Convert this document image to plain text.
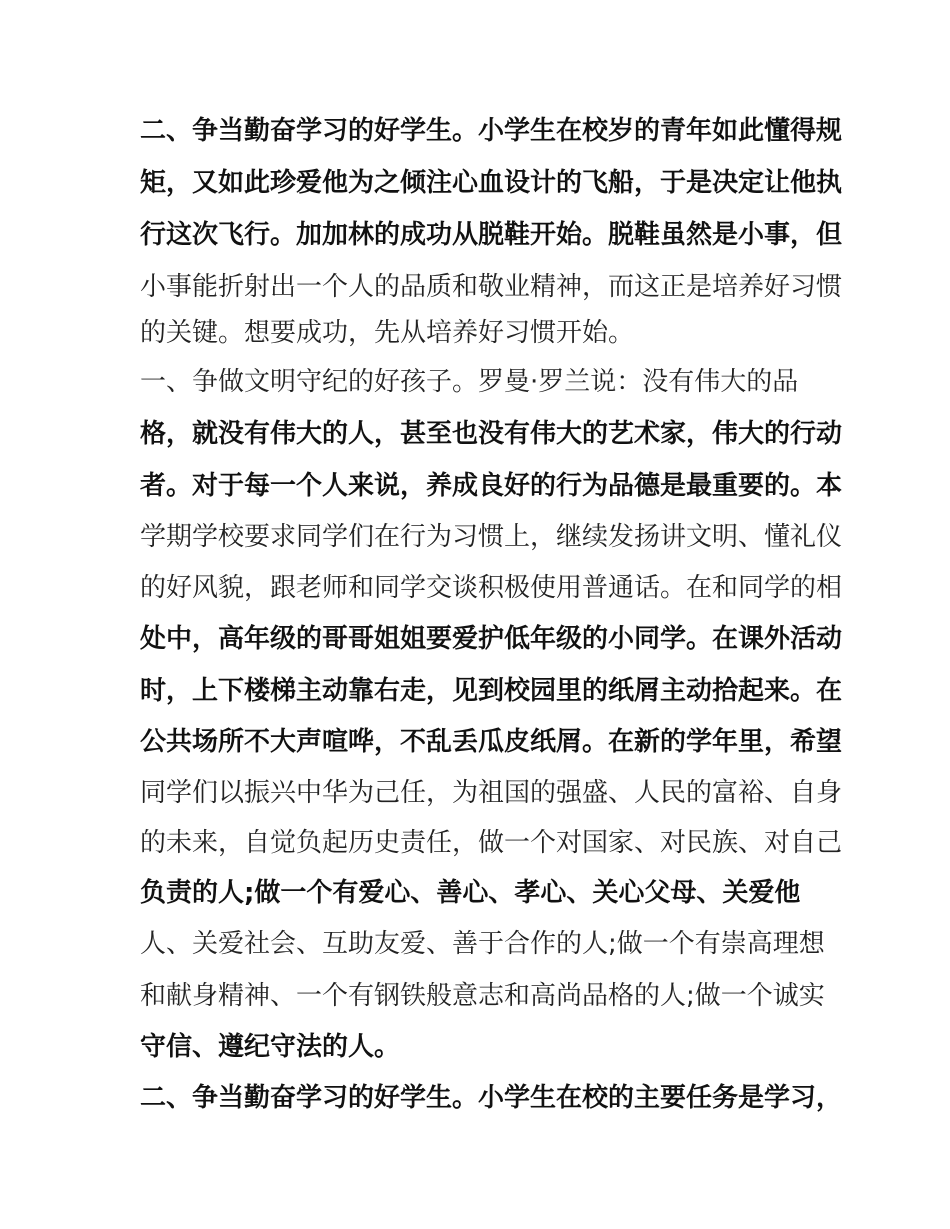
二、争当勤奋学习的好学生。小学生在校岁的青年如此懂得规
矩，又如此珍爱他为之倾注心血设计的飞船，于是决定让他执
行这次飞行。加加林的成功从脱鞋开始。脱鞋虽然是小事，但
小事能折射出一个人的品质和敬业精神，而这正是培养好习惯
的关键。想要成功，先从培养好习惯开始。
一、争做文明守纪的好孩子。罗曼·罗兰说：没有伟大的品
格，就没有伟大的人，甚至也没有伟大的艺术家，伟大的行动
者。对于每一个人来说，养成良好的行为品德是最重要的。本
学期学校要求同学们在行为习惯上，继续发扬讲文明、懂礼仪
的好风貌，跟老师和同学交谈积极使用普通话。在和同学的相
处中，高年级的哥哥姐姐要爱护低年级的小同学。在课外活动
时，上下楼梯主动靠右走，见到校园里的纸屑主动拾起来。在
公共场所不大声喧哗，不乱丢瓜皮纸屑。在新的学年里，希望
同学们以振兴中华为己任，为祖国的强盛、人民的富裕、自身
的未来，自觉负起历史责任，做一个对国家、对民族、对自己
负责的人;做一个有爱心、善心、孝心、关心父母、关爱他
人、关爱社会、互助友爱、善于合作的人;做一个有崇高理想
和献身精神、一个有钢铁般意志和高尚品格的人;做一个诚实
守信、遵纪守法的人。
二、争当勤奋学习的好学生。小学生在校的主要任务是学习，
